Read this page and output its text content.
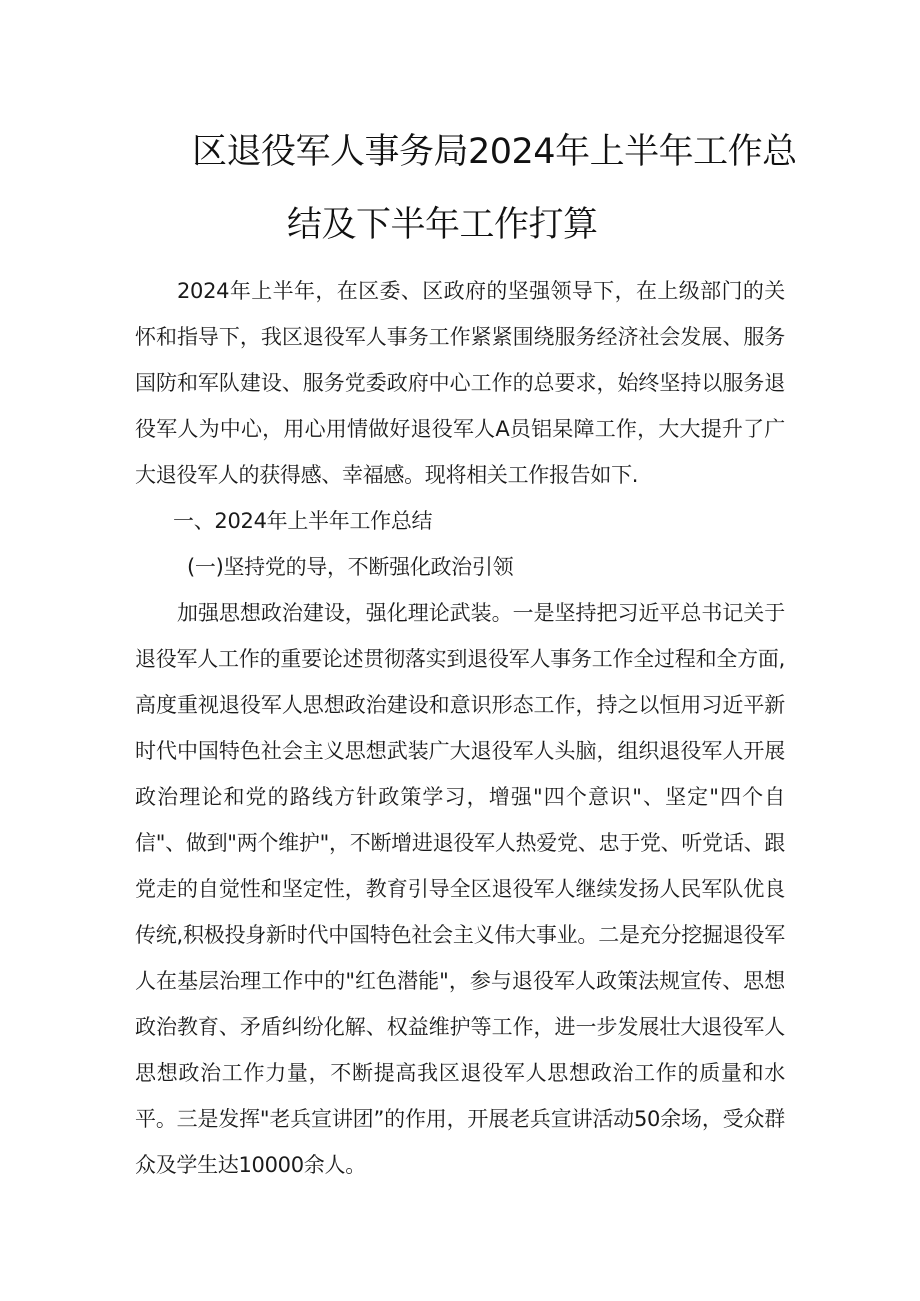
区退役军人事务局2024年上半年工作总
结及下半年工作打算

2024年上半年，在区委、区政府的坚强领导下，在上级部门的关怀和指导下，我区退役军人事务工作紧紧围绕服务经济社会发展、服务国防和军队建设、服务党委政府中心工作的总要求，始终坚持以服务退役军人为中心，用心用情做好退役军人A员铝杲障工作，大大提升了广大退役军人的获得感、幸福感。现将相关工作报告如下.

一、2024年上半年工作总结

(一)坚持党的导，不断强化政治引领

加强思想政治建设，强化理论武装。一是坚持把习近平总书记关于退役军人工作的重要论述贯彻落实到退役军人事务工作全过程和全方面,高度重视退役军人思想政治建设和意识形态工作，持之以恒用习近平新时代中国特色社会主义思想武装广大退役军人头脑，组织退役军人开展政治理论和党的路线方针政策学习，增强"四个意识"、坚定"四个自信"、做到"两个维护"，不断增进退役军人热爱党、忠于党、听党话、跟党走的自觉性和坚定性，教育引导全区退役军人继续发扬人民军队优良传统,积极投身新时代中国特色社会主义伟大事业。二是充分挖掘退役军人在基层治理工作中的"红色潜能"，参与退役军人政策法规宣传、思想政治教育、矛盾纠纷化解、权益维护等工作，进一步发展壮大退役军人思想政治工作力量，不断提高我区退役军人思想政治工作的质量和水平。三是发挥"老兵宣讲团”的作用，开展老兵宣讲活动50余场，受众群众及学生达10000余人。
